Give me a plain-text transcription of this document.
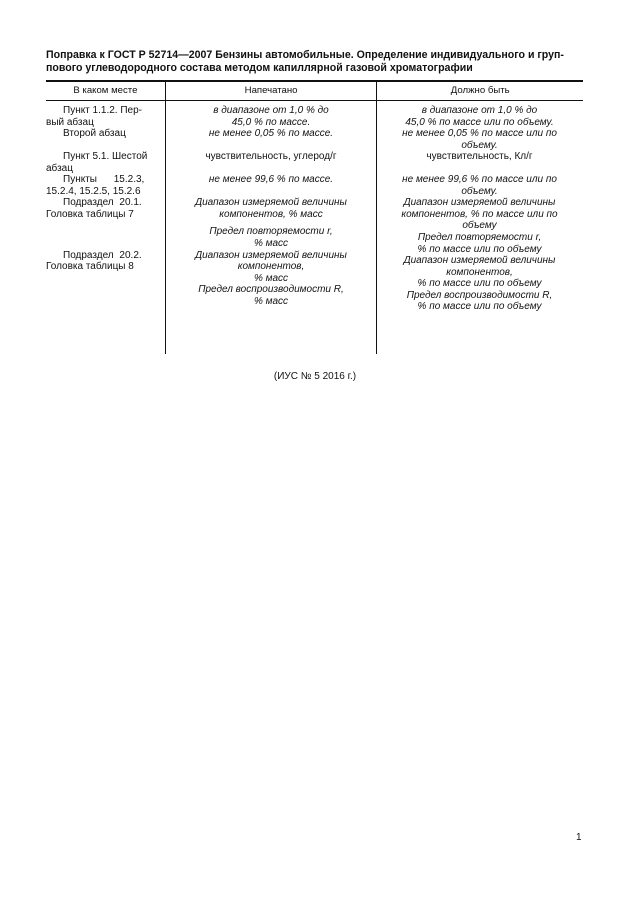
Поправка к ГОСТ Р 52714—2007 Бензины автомобильные. Определение индивидуального и груп-
пового углеводородного состава методом капиллярной газовой хроматографии
В каком месте	Напечатано	Должно быть
Пункт 1.1.2. Пер-
вый абзац
Второй абзац
Пункт 5.1. Шестой
абзац
Пункты 15.2.3,
15.2.4, 15.2.5, 15.2.6
Подраздел 20.1.
Головка таблицы 7
Подраздел 20.2.
Головка таблицы 8
в диапазоне от 1,0 % до
45,0 % по массе.
не менее 0,05 % по массе.
чувствительность, углерод/г
не менее 99,6 % по массе.
Диапазон измеряемой величины
компонентов, % масс
Предел повторяемости r,
% масс
Диапазон измеряемой величины
компонентов,
% масс
Предел воспроизводимости R,
% масс
в диапазоне от 1,0 % до
45,0 % по массе или по объему.
не менее 0,05 % по массе или по
объему.
чувствительность, Кл/г
не менее 99,6 % по массе или по
объему.
Диапазон измеряемой величины
компонентов, % по массе или по
объему
Предел повторяемости r,
% по массе или по объему
Диапазон измеряемой величины
компонентов,
% по массе или по объему
Предел воспроизводимости R,
% по массе или по объему
(ИУС № 5 2016 г.)
1
